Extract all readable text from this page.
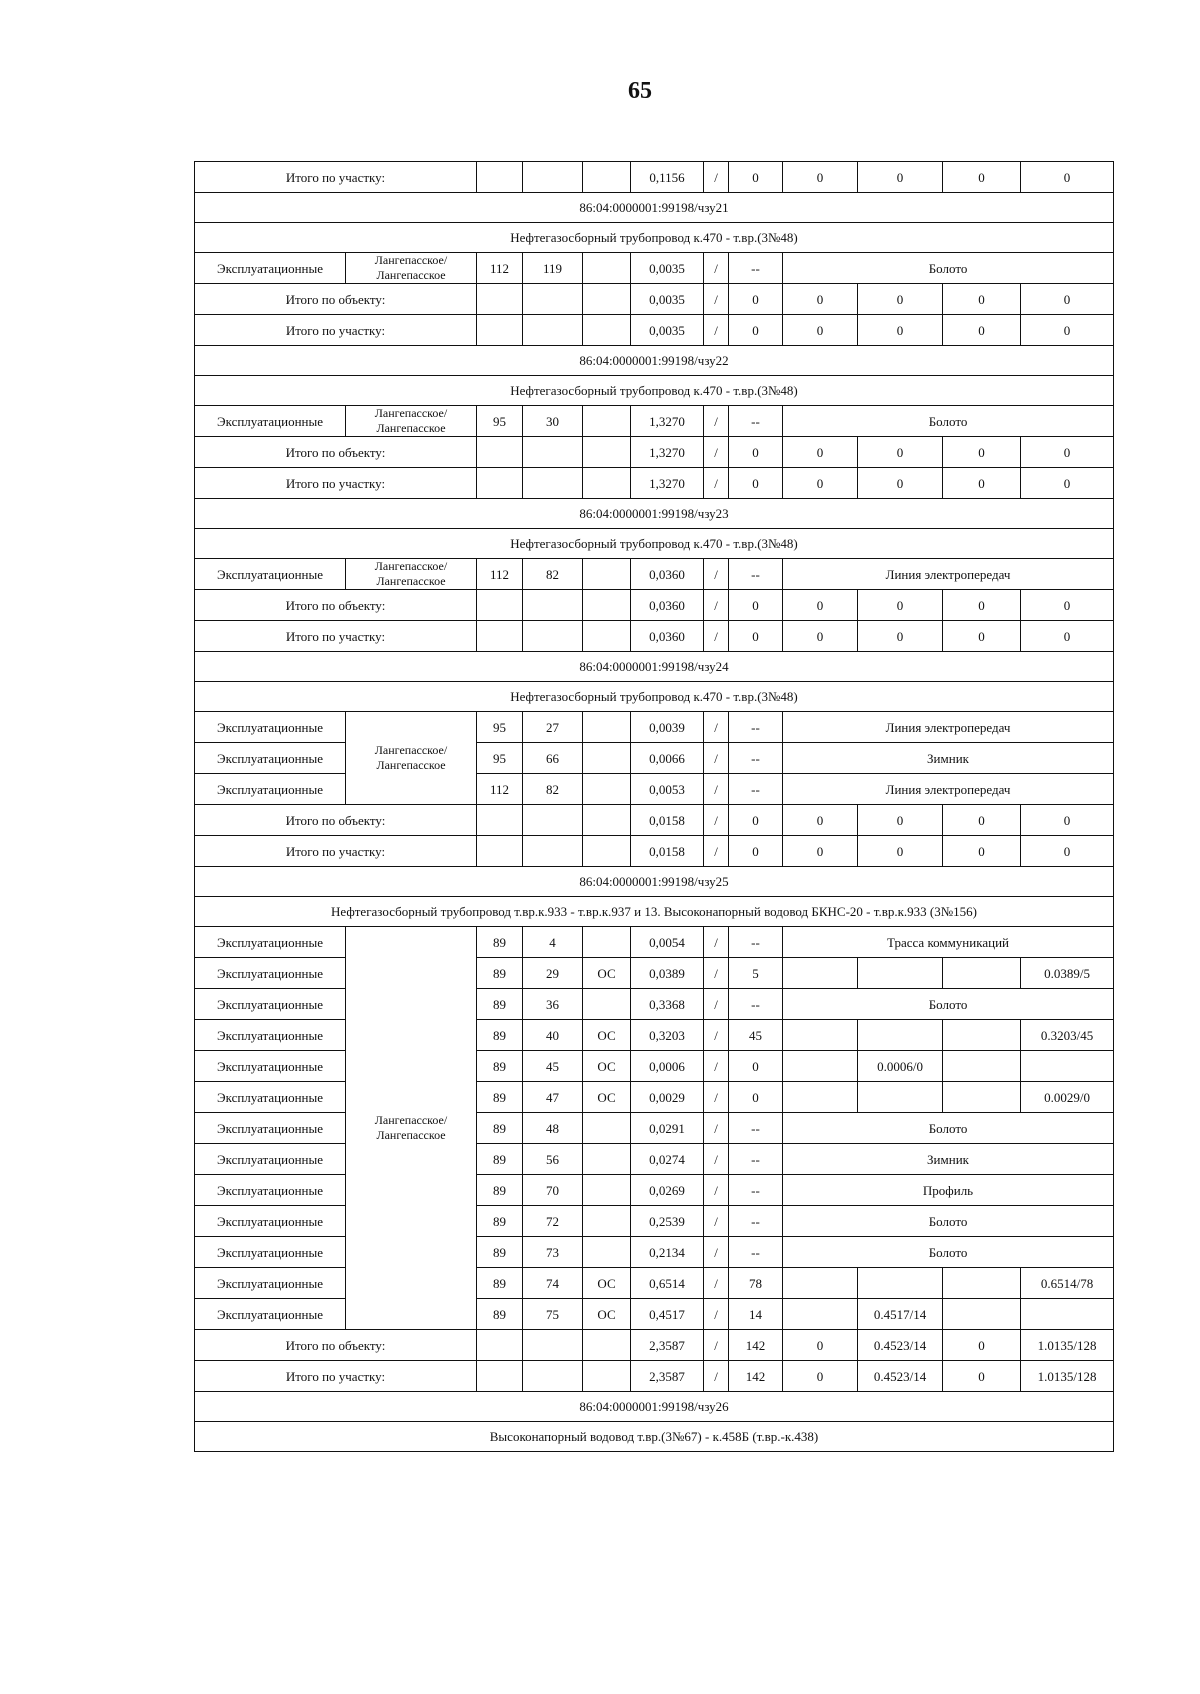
65
Итого по участку:					0,1156	/	0	0	0	0	0	
86:04:0000001:99198/чзу21												
Нефтегазосборный трубопровод к.470 - т.вр.(3№48)												
Эксплуатационные	Лангепасское/ Лангепасское	112	119		0,0035	/	--	Болото				
Итого по объекту:					0,0035	/	0	0	0	0	0	
Итого по участку:					0,0035	/	0	0	0	0	0	
86:04:0000001:99198/чзу22												
Нефтегазосборный трубопровод к.470 - т.вр.(3№48)												
Эксплуатационные	Лангепасское/ Лангепасское	95	30		1,3270	/	--	Болото				
Итого по объекту:					1,3270	/	0	0	0	0	0	
Итого по участку:					1,3270	/	0	0	0	0	0	
86:04:0000001:99198/чзу23												
Нефтегазосборный трубопровод к.470 - т.вр.(3№48)												
Эксплуатационные	Лангепасское/ Лангепасское	112	82		0,0360	/	--	Линия электропередач				
Итого по объекту:					0,0360	/	0	0	0	0	0	
Итого по участку:					0,0360	/	0	0	0	0	0	
86:04:0000001:99198/чзу24												
Нефтегазосборный трубопровод к.470 - т.вр.(3№48)												
Эксплуатационные	Лангепасское/ Лангепасское	95	27		0,0039	/	--	Линия электропередач				
Эксплуатационные		95	66		0,0066	/	--	Зимник				
Эксплуатационные		112	82		0,0053	/	--	Линия электропередач				
Итого по объекту:					0,0158	/	0	0	0	0	0	
Итого по участку:					0,0158	/	0	0	0	0	0	
86:04:0000001:99198/чзу25												
Нефтегазосборный трубопровод т.вр.к.933 - т.вр.к.937 и 13. Высоконапорный водовод БКНС-20 - т.вр.к.933 (3№156)												
Эксплуатационные	Лангепасское/ Лангепасское	89	4		0,0054	/	--	Трасса коммуникаций				
Эксплуатационные		89	29	ОС	0,0389	/	5				0.0389/5	
Эксплуатационные		89	36		0,3368	/	--	Болото				
Эксплуатационные		89	40	ОС	0,3203	/	45				0.3203/45	
Эксплуатационные		89	45	ОС	0,0006	/	0		0.0006/0			
Эксплуатационные		89	47	ОС	0,0029	/	0				0.0029/0	
Эксплуатационные		89	48		0,0291	/	--	Болото				
Эксплуатационные		89	56		0,0274	/	--	Зимник				
Эксплуатационные		89	70		0,0269	/	--	Профиль				
Эксплуатационные		89	72		0,2539	/	--	Болото				
Эксплуатационные		89	73		0,2134	/	--	Болото				
Эксплуатационные		89	74	ОС	0,6514	/	78				0.6514/78	
Эксплуатационные		89	75	ОС	0,4517	/	14		0.4517/14			
Итого по объекту:					2,3587	/	142	0	0.4523/14	0	1.0135/128	
Итого по участку:					2,3587	/	142	0	0.4523/14	0	1.0135/128	
86:04:0000001:99198/чзу26												
Высоконапорный водовод т.вр.(3№67) - к.458Б (т.вр.-к.438)												
